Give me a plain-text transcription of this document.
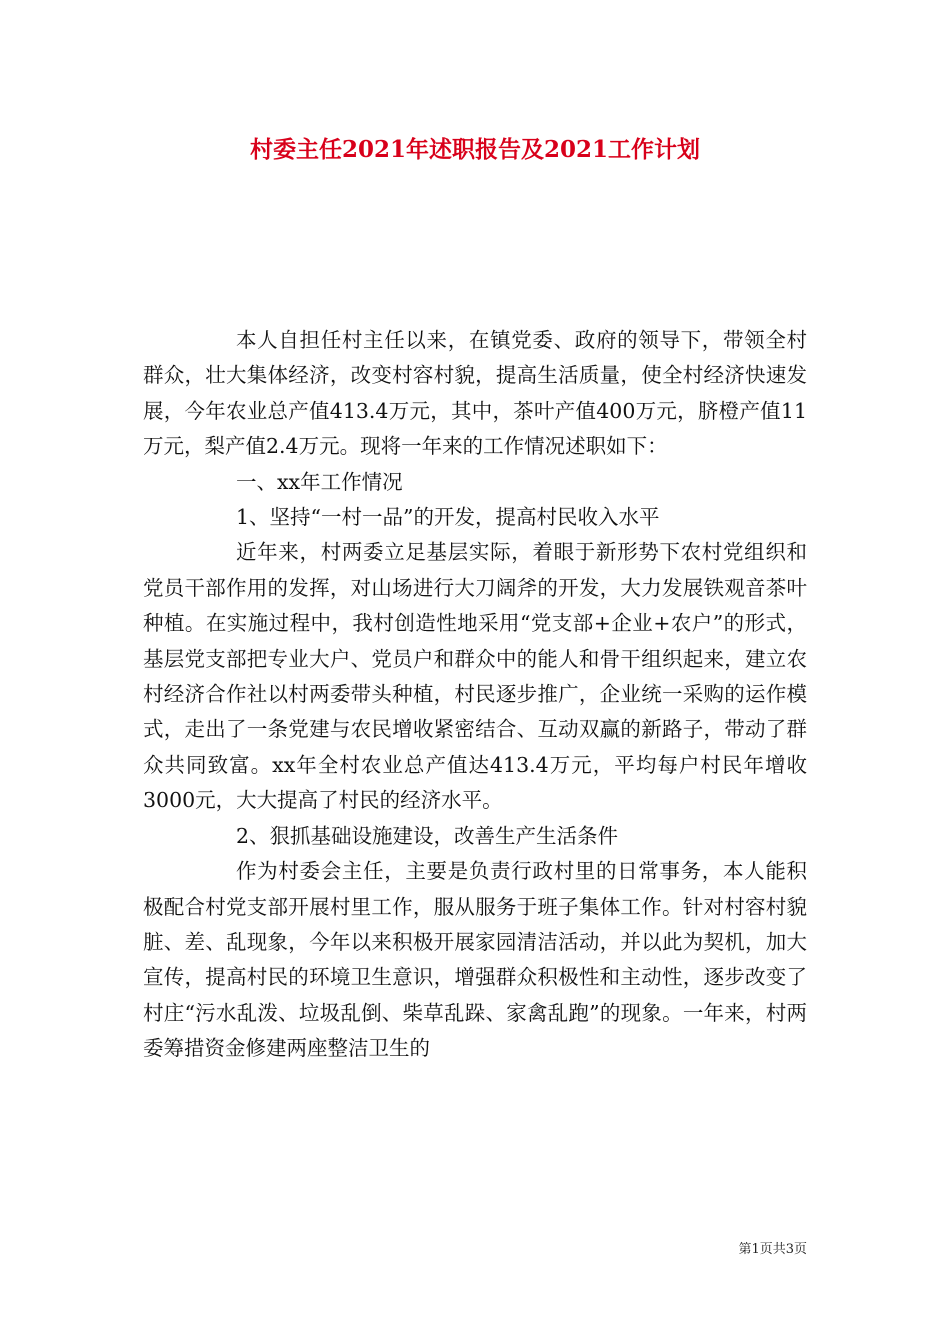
村委主任2021年述职报告及2021工作计划

本人自担任村主任以来，在镇党委、政府的领导下，带领全村群众，壮大集体经济，改变村容村貌，提高生活质量，使全村经济快速发展，今年农业总产值413.4万元，其中，茶叶产值400万元，脐橙产值11万元，梨产值2.4万元。现将一年来的工作情况述职如下：

一、xx年工作情况

1、坚持“一村一品”的开发，提高村民收入水平

近年来，村两委立足基层实际，着眼于新形势下农村党组织和党员干部作用的发挥，对山场进行大刀阔斧的开发，大力发展铁观音茶叶种植。在实施过程中，我村创造性地采用“党支部+企业+农户”的形式，基层党支部把专业大户、党员户和群众中的能人和骨干组织起来，建立农村经济合作社以村两委带头种植，村民逐步推广，企业统一采购的运作模式，走出了一条党建与农民增收紧密结合、互动双赢的新路子，带动了群众共同致富。xx年全村农业总产值达413.4万元，平均每户村民年增收3000元，大大提高了村民的经济水平。

2、狠抓基础设施建设，改善生产生活条件

作为村委会主任，主要是负责行政村里的日常事务，本人能积极配合村党支部开展村里工作，服从服务于班子集体工作。针对村容村貌脏、差、乱现象，今年以来积极开展家园清洁活动，并以此为契机，加大宣传，提高村民的环境卫生意识，增强群众积极性和主动性，逐步改变了村庄“污水乱泼、垃圾乱倒、柴草乱跺、家禽乱跑”的现象。一年来，村两委筹措资金修建两座整洁卫生的

第1页共3页
